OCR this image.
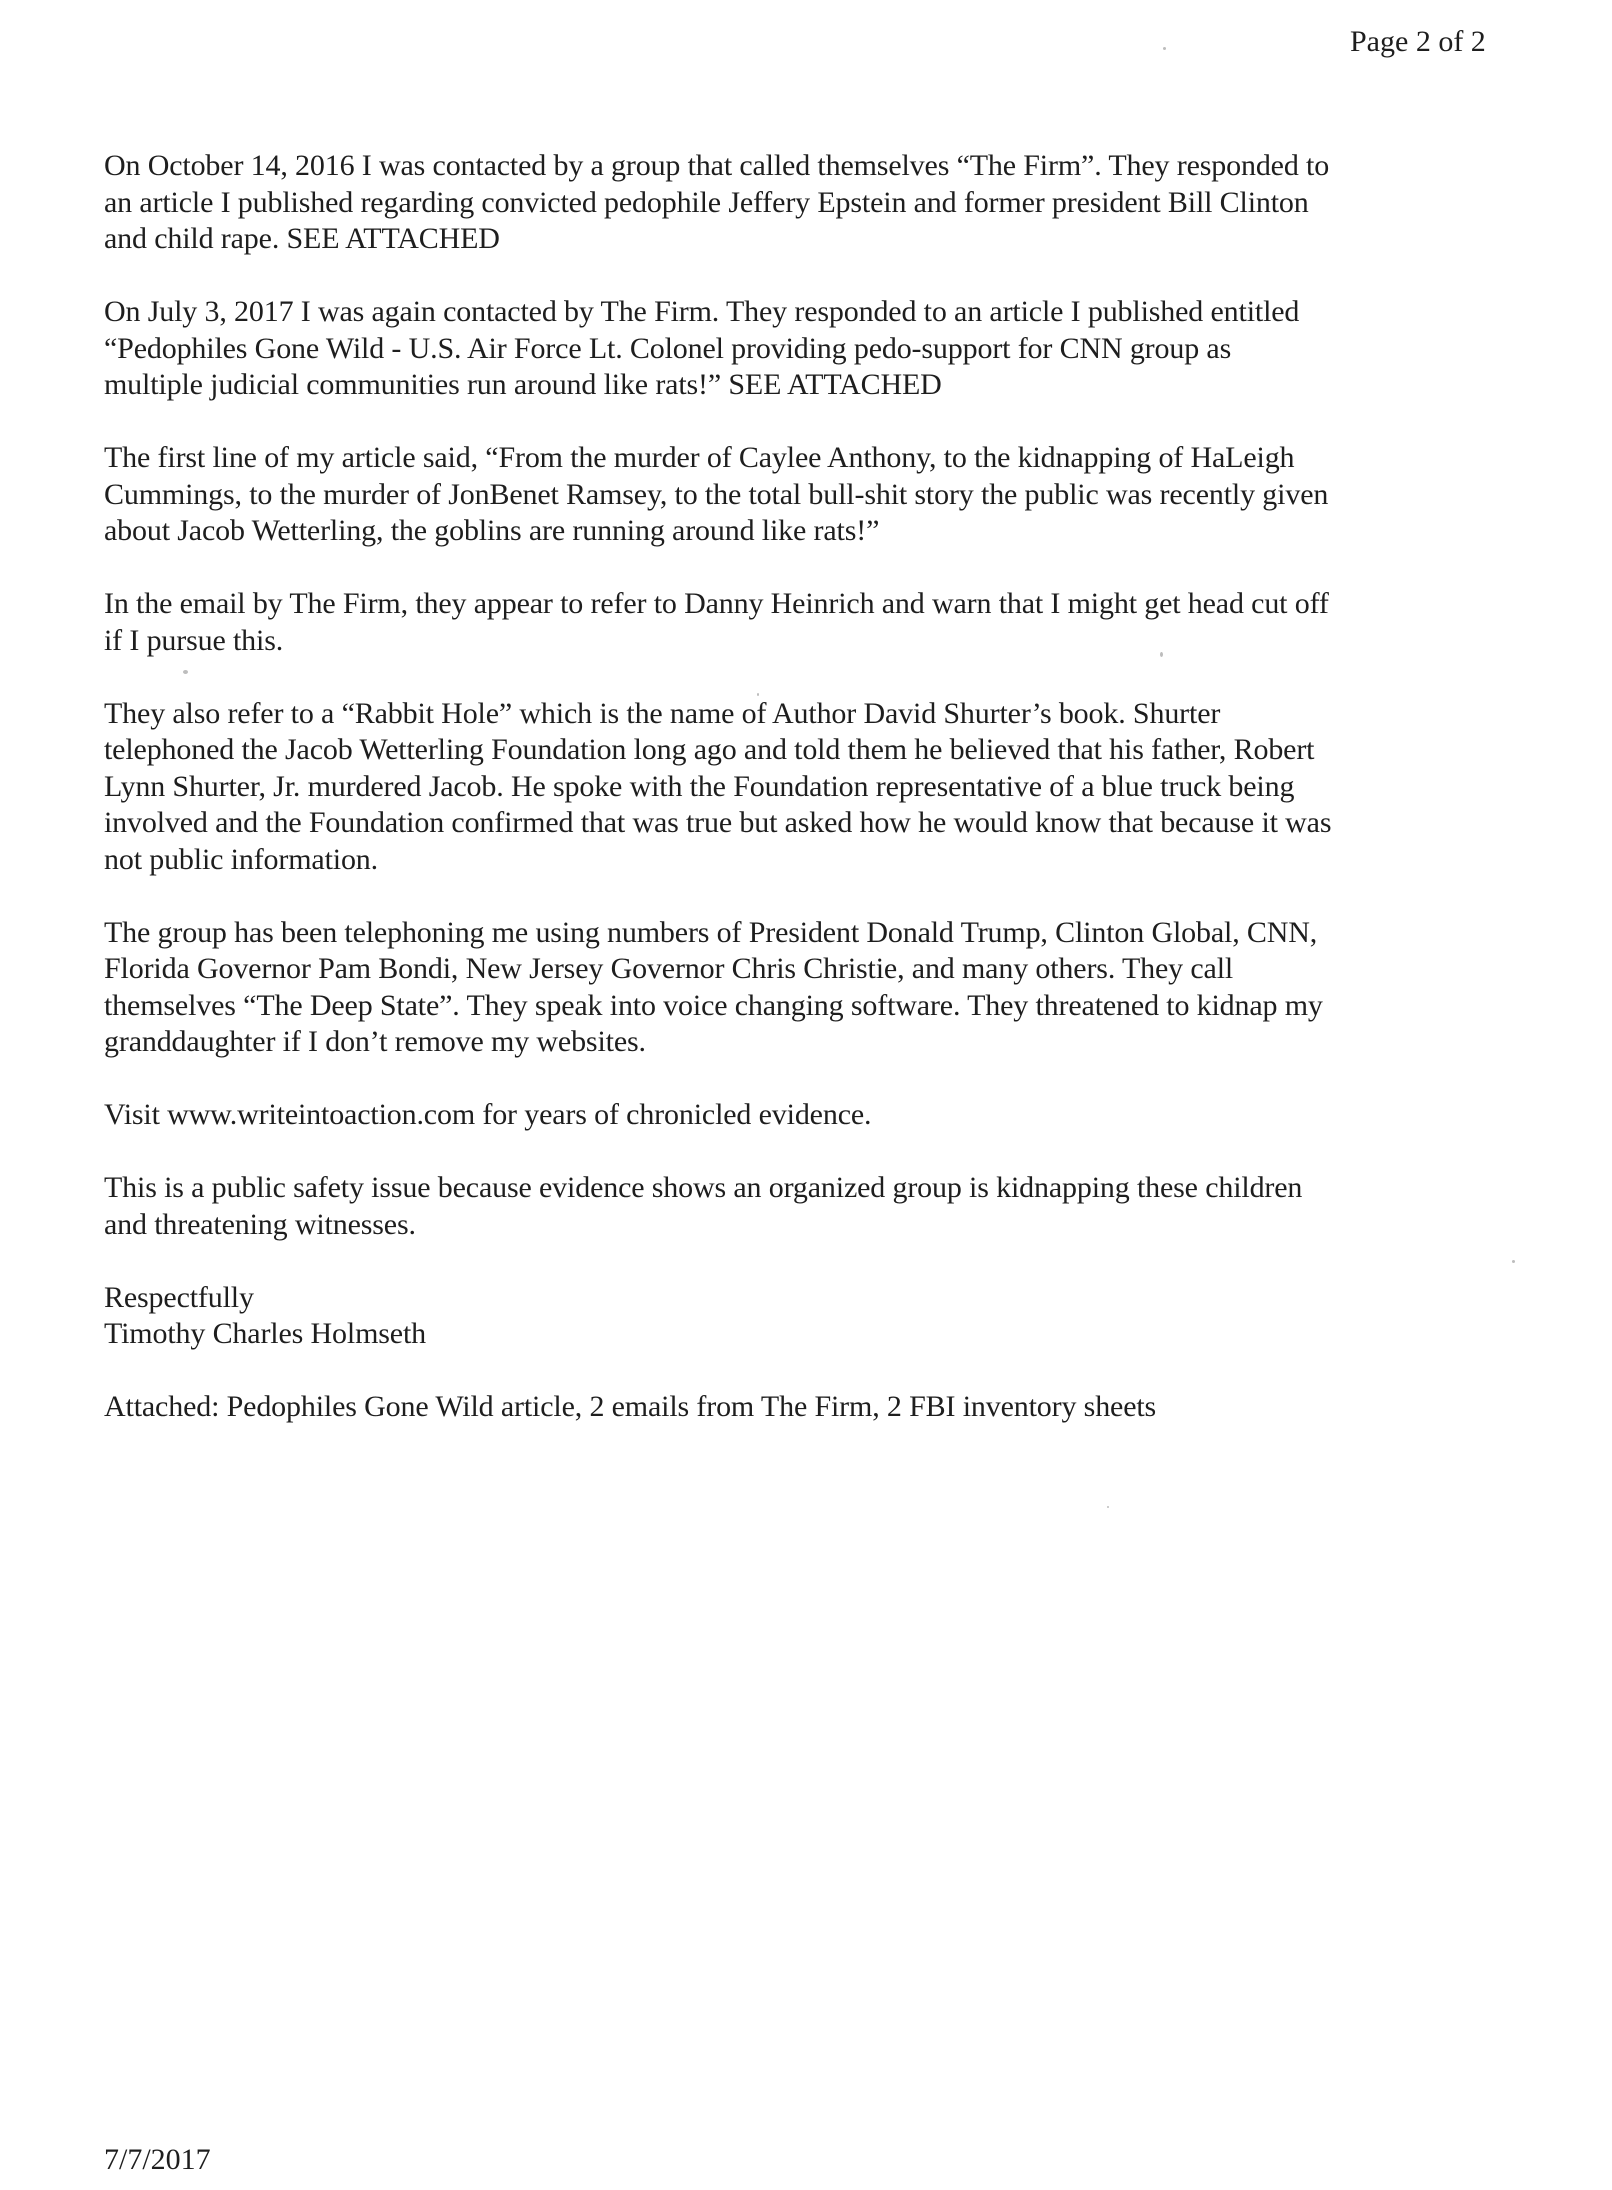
Page 2 of 2

On October 14, 2016 I was contacted by a group that called themselves “The Firm”. They responded to
an article I published regarding convicted pedophile Jeffery Epstein and former president Bill Clinton
and child rape. SEE ATTACHED

On July 3, 2017 I was again contacted by The Firm. They responded to an article I published entitled
“Pedophiles Gone Wild - U.S. Air Force Lt. Colonel providing pedo-support for CNN group as
multiple judicial communities run around like rats!” SEE ATTACHED

The first line of my article said, “From the murder of Caylee Anthony, to the kidnapping of HaLeigh
Cummings, to the murder of JonBenet Ramsey, to the total bull-shit story the public was recently given
about Jacob Wetterling, the goblins are running around like rats!”

In the email by The Firm, they appear to refer to Danny Heinrich and warn that I might get head cut off
if I pursue this.

They also refer to a “Rabbit Hole” which is the name of Author David Shurter’s book. Shurter
telephoned the Jacob Wetterling Foundation long ago and told them he believed that his father, Robert
Lynn Shurter, Jr. murdered Jacob. He spoke with the Foundation representative of a blue truck being
involved and the Foundation confirmed that was true but asked how he would know that because it was
not public information.

The group has been telephoning me using numbers of President Donald Trump, Clinton Global, CNN,
Florida Governor Pam Bondi, New Jersey Governor Chris Christie, and many others. They call
themselves “The Deep State”. They speak into voice changing software. They threatened to kidnap my
granddaughter if I don’t remove my websites.

Visit www.writeintoaction.com for years of chronicled evidence.

This is a public safety issue because evidence shows an organized group is kidnapping these children
and threatening witnesses.

Respectfully
Timothy Charles Holmseth

Attached: Pedophiles Gone Wild article, 2 emails from The Firm, 2 FBI inventory sheets

7/7/2017
